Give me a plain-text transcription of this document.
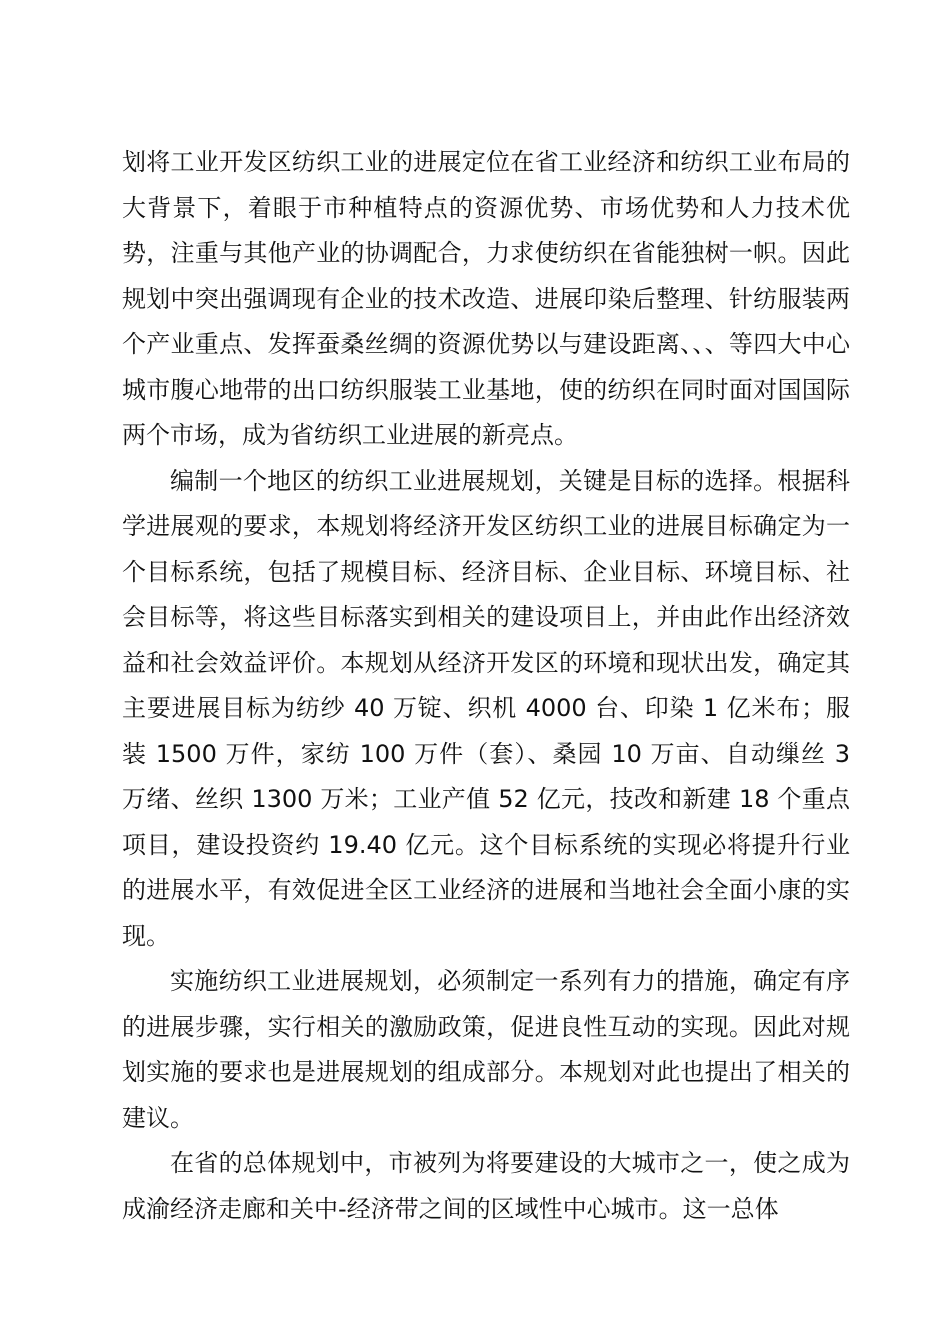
划将工业开发区纺织工业的进展定位在省工业经济和纺织工业布局的大背景下，着眼于市种植特点的资源优势、市场优势和人力技术优势，注重与其他产业的协调配合，力求使纺织在省能独树一帜。因此规划中突出强调现有企业的技术改造、进展印染后整理、针纺服装两个产业重点、发挥蚕桑丝绸的资源优势以与建设距离、、、等四大中心城市腹心地带的出口纺织服装工业基地，使的纺织在同时面对国国际两个市场，成为省纺织工业进展的新亮点。

编制一个地区的纺织工业进展规划，关键是目标的选择。根据科学进展观的要求，本规划将经济开发区纺织工业的进展目标确定为一个目标系统，包括了规模目标、经济目标、企业目标、环境目标、社会目标等，将这些目标落实到相关的建设项目上，并由此作出经济效益和社会效益评价。本规划从经济开发区的环境和现状出发，确定其主要进展目标为纺纱 40 万锭、织机 4000 台、印染 1 亿米布；服装 1500 万件，家纺 100 万件（套）、桑园 10 万亩、自动缫丝 3 万绪、丝织 1300 万米；工业产值 52 亿元，技改和新建 18 个重点项目，建设投资约 19.40 亿元。这个目标系统的实现必将提升行业的进展水平，有效促进全区工业经济的进展和当地社会全面小康的实现。

实施纺织工业进展规划，必须制定一系列有力的措施，确定有序的进展步骤，实行相关的激励政策，促进良性互动的实现。因此对规划实施的要求也是进展规划的组成部分。本规划对此也提出了相关的建议。

在省的总体规划中，市被列为将要建设的大城市之一，使之成为成渝经济走廊和关中-经济带之间的区域性中心城市。这一总体
